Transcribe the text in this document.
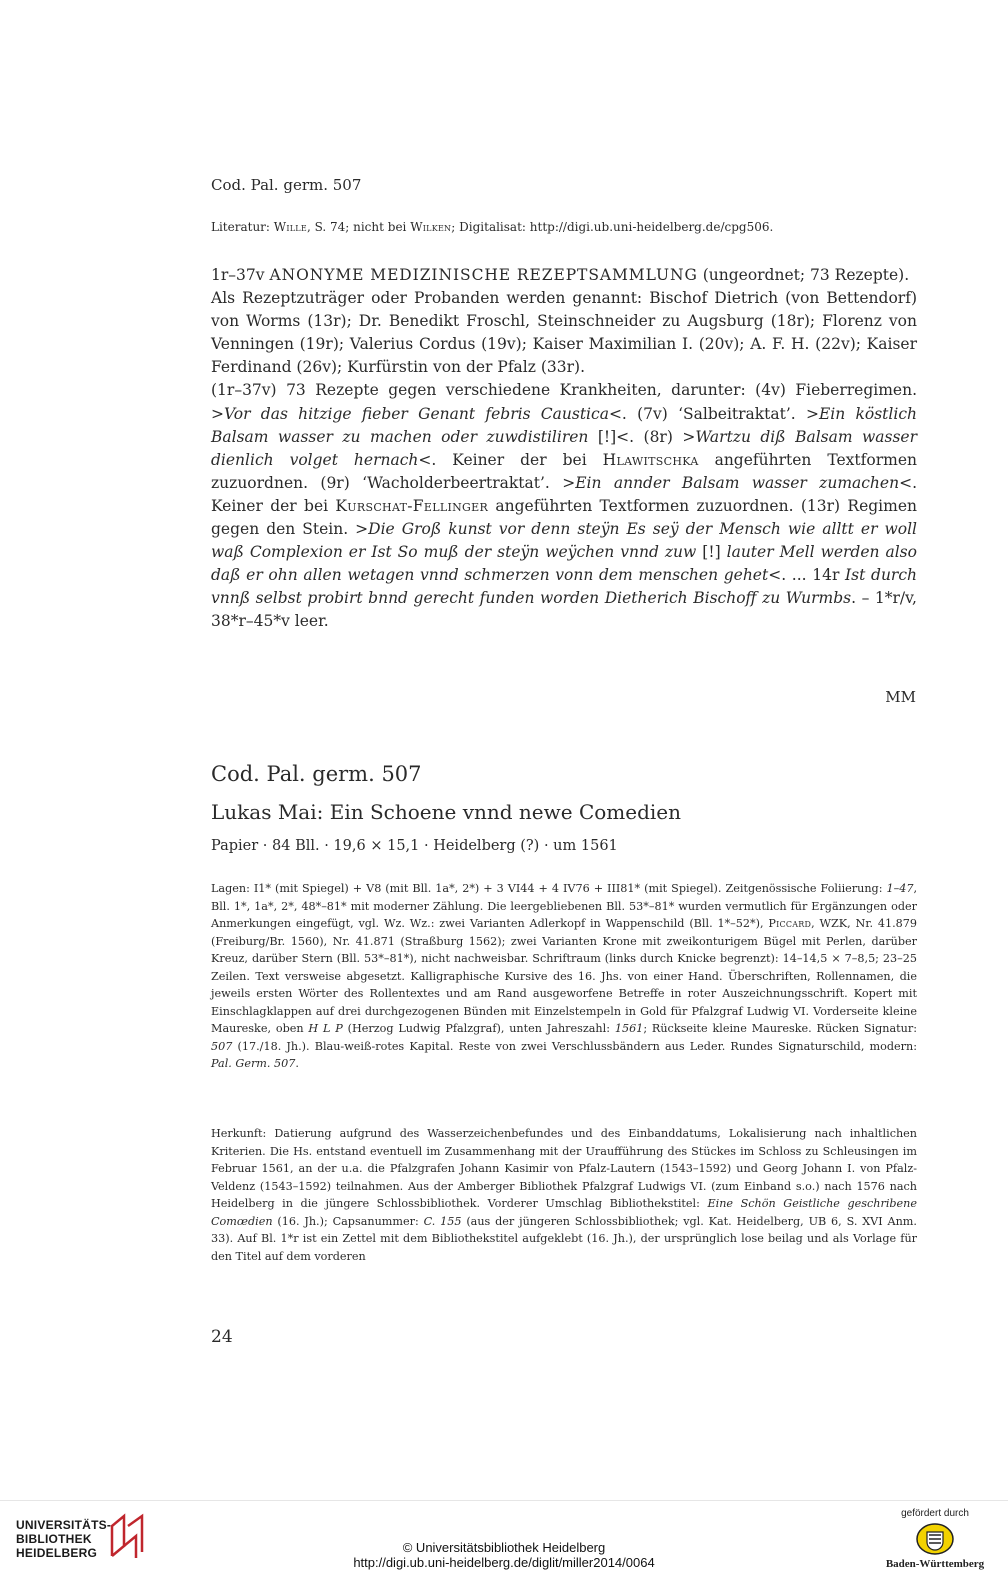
Cod. Pal. germ. 507
Literatur: Wille, S. 74; nicht bei Wilken; Digitalisat: http://digi.ub.uni-heidelberg.de/cpg506.

1r–37v ANONYME MEDIZINISCHE REZEPTSAMMLUNG (ungeordnet; 73 Rezepte).

Als Rezeptzuträger oder Probanden werden genannt: Bischof Dietrich (von Bettendorf) von Worms (13r); Dr. Benedikt Froschl, Steinschneider zu Augsburg (18r); Florenz von Venningen (19r); Valerius Cordus (19v); Kaiser Maximilian I. (20v); A. F. H. (22v); Kaiser Ferdinand (26v); Kurfürstin von der Pfalz (33r).

(1r–37v) 73 Rezepte gegen verschiedene Krankheiten, darunter: (4v) Fieberregimen. >Vor das hitzige fieber Genant febris Caustica<. (7v) ‘Salbeitraktat’. >Ein köstlich Balsam wasser zu machen oder zuwdistiliren [!]<. (8r) >Wartzu diß Balsam wasser dienlich volget hernach<. Keiner der bei Hlawitschka angeführten Textformen zuzuordnen. (9r) ‘Wacholderbeertraktat’. >Ein annder Balsam wasser zumachen<. Keiner der bei Kurschat-Fellinger angeführten Textformen zuzuordnen. (13r) Regimen gegen den Stein. >Die Groß kunst vor denn steÿn Es seÿ der Mensch wie alltt er woll waß Complexion er Ist So muß der steÿn weÿchen vnnd zuw [!] lauter Mell werden also daß er ohn allen wetagen vnnd schmerzen vonn dem menschen gehet<. ... 14r Ist durch vnnß selbst probirt bnnd gerecht funden worden Dietherich Bischoff zu Wurmbs. – 1*r/v, 38*r–45*v leer.

MM
Cod. Pal. germ. 507
Lukas Mai: Ein Schoene vnnd newe Comedien
Papier · 84 Bll. · 19,6 × 15,1 · Heidelberg (?) · um 1561

Lagen: I1* (mit Spiegel) + V8 (mit Bll. 1a*, 2*) + 3 VI44 + 4 IV76 + III81* (mit Spiegel). Zeitgenössische Foliierung: 1–47, Bll. 1*, 1a*, 2*, 48*–81* mit moderner Zählung. Die leergebliebenen Bll. 53*–81* wurden vermutlich für Ergänzungen oder Anmerkungen eingefügt, vgl. Wz. Wz.: zwei Varianten Adlerkopf in Wappenschild (Bll. 1*–52*), Piccard, WZK, Nr. 41.879 (Freiburg/Br. 1560), Nr. 41.871 (Straßburg 1562); zwei Varianten Krone mit zweikonturigem Bügel mit Perlen, darüber Kreuz, darüber Stern (Bll. 53*–81*), nicht nachweisbar. Schriftraum (links durch Knicke begrenzt): 14–14,5 × 7–8,5; 23–25 Zeilen. Text versweise abgesetzt. Kalligraphische Kursive des 16. Jhs. von einer Hand. Überschriften, Rollennamen, die jeweils ersten Wörter des Rollentextes und am Rand ausgeworfene Betreffe in roter Auszeichnungsschrift. Kopert mit Einschlagklappen auf drei durchgezogenen Bünden mit Einzelstempeln in Gold für Pfalzgraf Ludwig VI. Vorderseite kleine Maureske, oben H L P (Herzog Ludwig Pfalzgraf), unten Jahreszahl: 1561; Rückseite kleine Maureske. Rücken Signatur: 507 (17./18. Jh.). Blau-weiß-rotes Kapital. Reste von zwei Verschlussbändern aus Leder. Rundes Signaturschild, modern: Pal. Germ. 507.

Herkunft: Datierung aufgrund des Wasserzeichenbefundes und des Einbanddatums, Lokalisierung nach inhaltlichen Kriterien. Die Hs. entstand eventuell im Zusammenhang mit der Uraufführung des Stückes im Schloss zu Schleusingen im Februar 1561, an der u.a. die Pfalzgrafen Johann Kasimir von Pfalz-Lautern (1543–1592) und Georg Johann I. von Pfalz-Veldenz (1543–1592) teilnahmen. Aus der Amberger Bibliothek Pfalzgraf Ludwigs VI. (zum Einband s.o.) nach 1576 nach Heidelberg in die jüngere Schlossbibliothek. Vorderer Umschlag Bibliothekstitel: Eine Schön Geistliche geschribene Comœdien (16. Jh.); Capsanummer: C. 155 (aus der jüngeren Schlossbibliothek; vgl. Kat. Heidelberg, UB 6, S. XVI Anm. 33). Auf Bl. 1*r ist ein Zettel mit dem Bibliothekstitel aufgeklebt (16. Jh.), der ursprünglich lose beilag und als Vorlage für den Titel auf dem vorderen

24
UNIVERSITÄTS-
BIBLIOTHEK
HEIDELBERG	© Universitätsbibliothek Heidelberg
http://digi.ub.uni-heidelberg.de/diglit/miller2014/0064
gefördert durch
Baden-Württemberg
